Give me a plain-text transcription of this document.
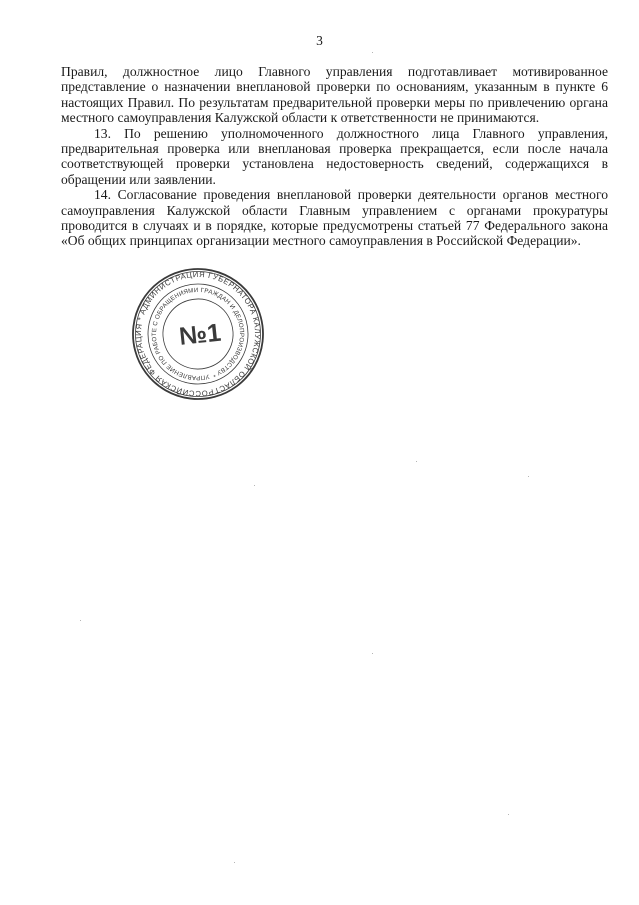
3

Правил, должностное лицо Главного управления подготавливает мотивированное представление о назначении внеплановой проверки по основаниям, указанным в пункте 6 настоящих Правил. По результатам предварительной проверки меры по привлечению органа местного самоуправления Калужской области к ответственности не принимаются.

13. По решению уполномоченного должностного лица Главного управления, предварительная проверка или внеплановая проверка прекращается, если после начала соответствующей проверки установлена недостоверность сведений, содержащихся в обращении или заявлении.

14. Согласование проведения внеплановой проверки деятельности органов местного самоуправления Калужской области Главным управлением с органами прокуратуры проводится в случаях и в порядке, которые предусмотрены статьей 77 Федерального закона «Об общих принципах организации местного самоуправления в Российской Федерации».

РОССИЙСКАЯ ФЕДЕРАЦИЯ * АДМИНИСТРАЦИЯ ГУБЕРНАТОРА КАЛУЖСКОЙ ОБЛАСТИ
УПРАВЛЕНИЕ ПО РАБОТЕ С ОБРАЩЕНИЯМИ ГРАЖДАН И ДЕЛОПРОИЗВОДСТВУ *
№1
